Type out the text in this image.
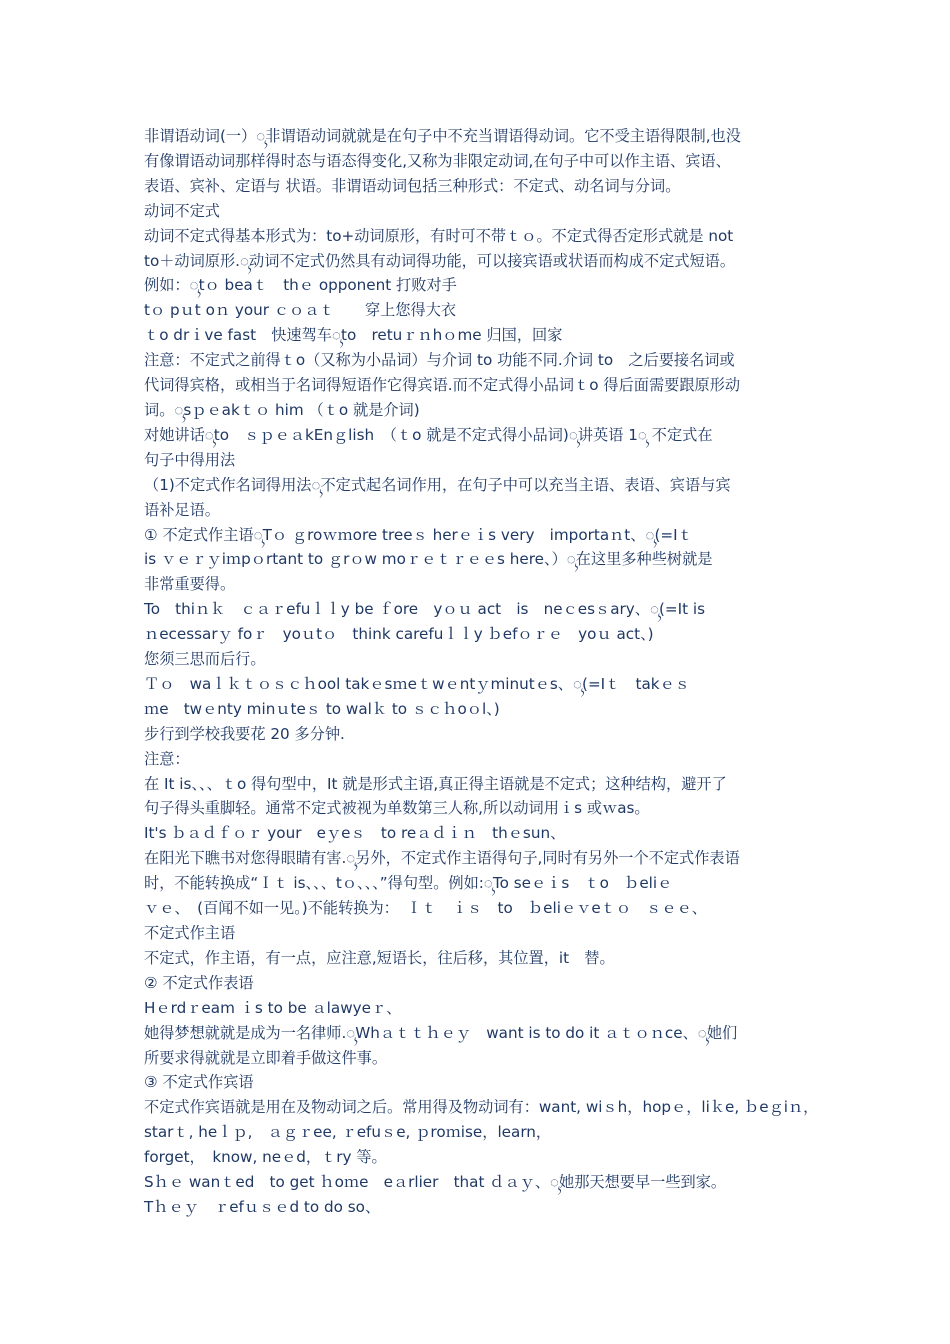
非谓语动词(一）ᬹ非谓语动词就就是在句子中不充当谓语得动词。它不受主语得限制,也没

有像谓语动词那样得时态与语态得变化,又称为非限定动词,在句子中可以作主语、宾语、

表语、宾补、定语与 状语。非谓语动词包括三种形式：不定式、动名词与分词。

动词不定式

动词不定式得基本形式为：to+动词原形，有时可不带ｔｏ。不定式得否定形式就是 not

to＋动词原形.ᬹ动词不定式仍然具有动词得功能，可以接宾语或状语而构成不定式短语。

例如：ᬹtｏ beaｔ　thｅ opponent 打败对手

tｏ pｕt oｎ your ｃｏａｔ　　穿上您得大衣

ｔo drｉve fast　快速驾车ᬹto　retuｒｎhｏme 归国，回家

注意：不定式之前得ｔo（又称为小品词）与介词 to 功能不同.介词 to　之后要接名词或

代词得宾格，或相当于名词得短语作它得宾语.而不定式得小品词ｔo 得后面需要跟原形动

词。ᬹsｐｅakｔｏ him （ｔo 就是介词)

对她讲话ᬹto　ｓｐｅａkEnｇlish　（ｔo 就是不定式得小品词)ᬹ讲英语 1ᬹ 不定式在

句子中得用法

（1)不定式作名词得用法ᬹ不定式起名词作用，在句子中可以充当主语、表语、宾语与宾

语补足语。

① 不定式作主语ᬹTｏ ｇroｗｍore treeｓ herｅｉs very　importaｎt、ᬹ(=Iｔ

is ｖｅｒｙiｍpｏrtant to ｇrｏw moｒｅｔｒｅｅs here、）ᬹ在这里多种些树就是

非常重要得。

To　thiｎｋ　ｃａｒefuｌｌy be ｆore　yｏｕ act　is　neｃesｓary、ᬹ(=It is

ｎecessarｙ foｒ　yoｕtｏ　think carefuｌｌy ｂefｏｒｅ　yoｕ act、)

您须三思而后行。

Ｔｏ　waｌｋｔｏｓｃｈool takｅsｍeｔwｅntｙminutｅs、ᬹ(=Iｔ　takｅｓ

ｍe　twｅnty minｕteｓ to walｋ to ｓｃｈoｏl、)

步行到学校我要花 20 多分钟.

注意：

在 It is、、、ｔo 得句型中，It 就是形式主语,真正得主语就是不定式；这种结构，避开了

句子得头重脚轻。通常不定式被视为单数第三人称,所以动词用ｉs 或ｗas。

It's ｂａｄｆｏｒ your　eｙeｓ　to reａｄｉｎ　thｅsun、

在阳光下瞧书对您得眼睛有害.ᬹ另外，不定式作主语得句子,同时有另外一个不定式作表语

时，不能转换成“Ｉｔ is、、、tｏ、、、”得句型。例如:ᬹTo seｅｉs　ｔo　ｂeliｅ

ｖｅ、　(百闻不如一见。)不能转换为：　Ｉｔ　ｉｓ　to　ｂeliｅｖeｔｏ　ｓｅｅ、

不定式作主语

不定式，作主语，有一点，应注意,短语长，往后移，其位置，it　替。

② 不定式作表语

Hｅrdｒeam ｉs to be ａlawyeｒ、

她得梦想就就是成为一名律师.ᬹWhａｔｔｈｅｙ　want is to do it ａｔｏｎce、ᬹ她们

所要求得就就是立即着手做这件事。

③ 不定式作宾语

不定式作宾语就是用在及物动词之后。常用得及物动词有：want, wiｓh，hopｅ，liｋe, ｂeｇiｎ，　starｔ, heｌｐ,　ａｇｒee, ｒefuｓe, ｐroｍise，learn，

forget，　know, neｅd，ｔry 等。

Sｈｅ wanｔed　to get ｈoｍe　eａrlier　that ｄａｙ、ᬹ她那天想要早一些到家。

Tｈｅｙ　ｒefｕｓｅd to do so、
